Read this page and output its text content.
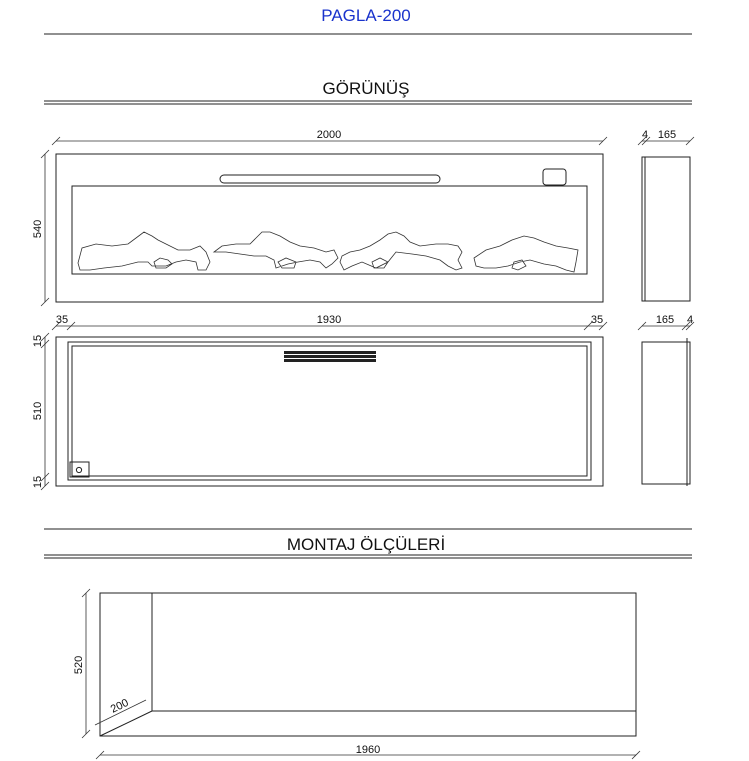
PAGLA-200
GÖRÜNÜŞ
2000
540
4 165
35	1930	35
15
510
15
165 4
MONTAJ ÖLÇÜLERİ
520
200
1960
